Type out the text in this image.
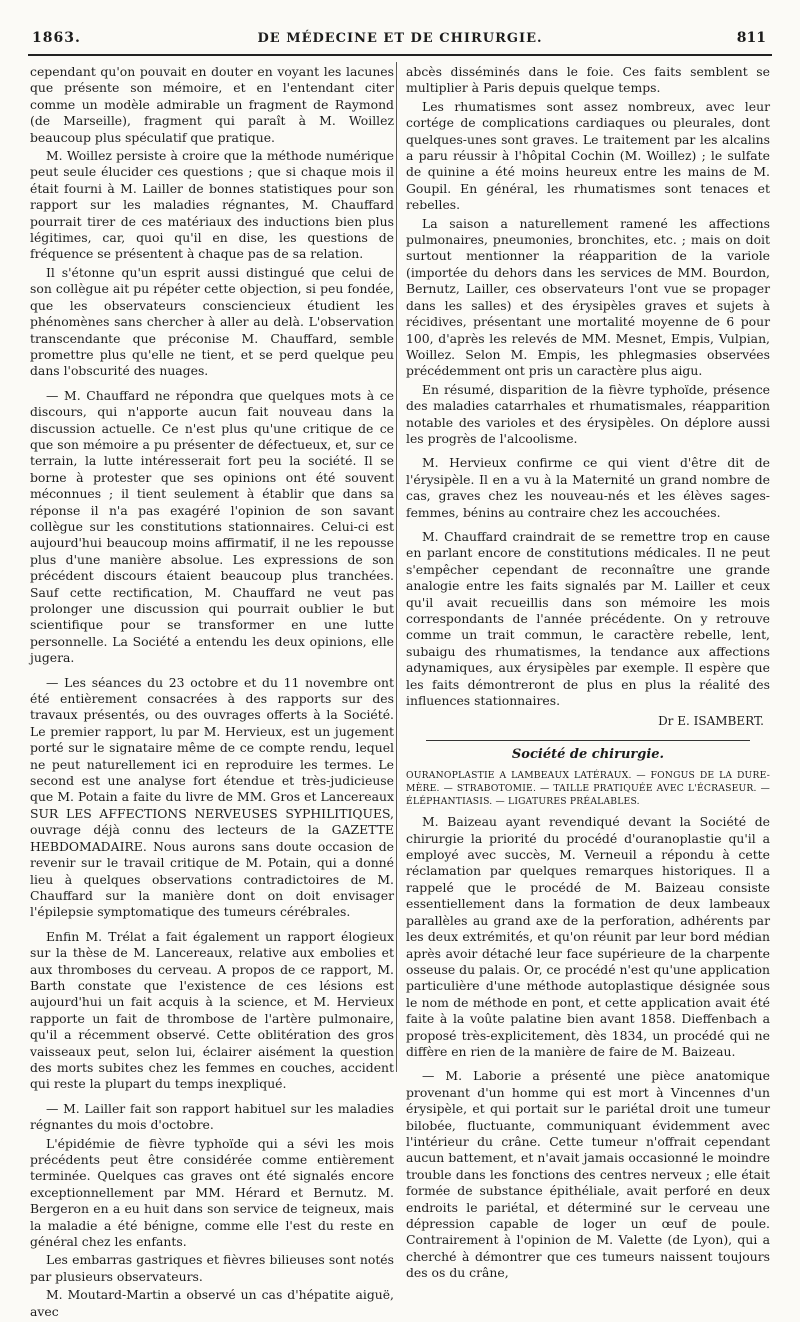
1863.	DE MÉDECINE ET DE CHIRURGIE.	811

cependant qu'on pouvait en douter en voyant les lacunes que présente son mémoire, et en l'entendant citer comme un modèle admirable un fragment de Raymond (de Marseille), fragment qui paraît à M. Woillez beaucoup plus spéculatif que pratique.

M. Woillez persiste à croire que la méthode numérique peut seule élucider ces questions ; que si chaque mois il était fourni à M. Lailler de bonnes statistiques pour son rapport sur les maladies régnantes, M. Chauffard pourrait tirer de ces matériaux des inductions bien plus légitimes, car, quoi qu'il en dise, les questions de fréquence se présentent à chaque pas de sa relation.

Il s'étonne qu'un esprit aussi distingué que celui de son collègue ait pu répéter cette objection, si peu fondée, que les observateurs consciencieux étudient les phénomènes sans chercher à aller au delà. L'observation transcendante que préconise M. Chauffard, semble promettre plus qu'elle ne tient, et se perd quelque peu dans l'obscurité des nuages.

— M. Chauffard ne répondra que quelques mots à ce discours, qui n'apporte aucun fait nouveau dans la discussion actuelle. Ce n'est plus qu'une critique de ce que son mémoire a pu présenter de défectueux, et, sur ce terrain, la lutte intéresserait fort peu la société. Il se borne à protester que ses opinions ont été souvent méconnues ; il tient seulement à établir que dans sa réponse il n'a pas exagéré l'opinion de son savant collègue sur les constitutions stationnaires. Celui-ci est aujourd'hui beaucoup moins affirmatif, il ne les repousse plus d'une manière absolue. Les expressions de son précédent discours étaient beaucoup plus tranchées. Sauf cette rectification, M. Chauffard ne veut pas prolonger une discussion qui pourrait oublier le but scientifique pour se transformer en une lutte personnelle. La Société a entendu les deux opinions, elle jugera.

— Les séances du 23 octobre et du 11 novembre ont été entièrement consacrées à des rapports sur des travaux présentés, ou des ouvrages offerts à la Société. Le premier rapport, lu par M. Hervieux, est un jugement porté sur le signataire même de ce compte rendu, lequel ne peut naturellement ici en reproduire les termes. Le second est une analyse fort étendue et très-judicieuse que M. Potain a faite du livre de MM. Gros et Lancereaux SUR LES AFFECTIONS NERVEUSES SYPHILITIQUES, ouvrage déjà connu des lecteurs de la GAZETTE HEBDOMADAIRE. Nous aurons sans doute occasion de revenir sur le travail critique de M. Potain, qui a donné lieu à quelques observations contradictoires de M. Chauffard sur la manière dont on doit envisager l'épilepsie symptomatique des tumeurs cérébrales.

Enfin M. Trélat a fait également un rapport élogieux sur la thèse de M. Lancereaux, relative aux embolies et aux thromboses du cerveau. A propos de ce rapport, M. Barth constate que l'existence de ces lésions est aujourd'hui un fait acquis à la science, et M. Hervieux rapporte un fait de thrombose de l'artère pulmonaire, qu'il a récemment observé. Cette oblitération des gros vaisseaux peut, selon lui, éclairer aisément la question des morts subites chez les femmes en couches, accident qui reste la plupart du temps inexpliqué.

— M. Lailler fait son rapport habituel sur les maladies régnantes du mois d'octobre.

L'épidémie de fièvre typhoïde qui a sévi les mois précédents peut être considérée comme entièrement terminée. Quelques cas graves ont été signalés encore exceptionnellement par MM. Hérard et Bernutz. M. Bergeron en a eu huit dans son service de teigneux, mais la maladie a été bénigne, comme elle l'est du reste en général chez les enfants.

Les embarras gastriques et fièvres bilieuses sont notés par plusieurs observateurs.

M. Moutard-Martin a observé un cas d'hépatite aiguë, avec

abcès disséminés dans le foie. Ces faits semblent se multiplier à Paris depuis quelque temps.

Les rhumatismes sont assez nombreux, avec leur cortége de complications cardiaques ou pleurales, dont quelques-unes sont graves. Le traitement par les alcalins a paru réussir à l'hôpital Cochin (M. Woillez) ; le sulfate de quinine a été moins heureux entre les mains de M. Goupil. En général, les rhumatismes sont tenaces et rebelles.

La saison a naturellement ramené les affections pulmonaires, pneumonies, bronchites, etc. ; mais on doit surtout mentionner la réapparition de la variole (importée du dehors dans les services de MM. Bourdon, Bernutz, Lailler, ces observateurs l'ont vue se propager dans les salles) et des érysipèles graves et sujets à récidives, présentant une mortalité moyenne de 6 pour 100, d'après les relevés de MM. Mesnet, Empis, Vulpian, Woillez. Selon M. Empis, les phlegmasies observées précédemment ont pris un caractère plus aigu.

En résumé, disparition de la fièvre typhoïde, présence des maladies catarrhales et rhumatismales, réapparition notable des varioles et des érysipèles. On déplore aussi les progrès de l'alcoolisme.

M. Hervieux confirme ce qui vient d'être dit de l'érysipèle. Il en a vu à la Maternité un grand nombre de cas, graves chez les nouveau-nés et les élèves sages-femmes, bénins au contraire chez les accouchées.

M. Chauffard craindrait de se remettre trop en cause en parlant encore de constitutions médicales. Il ne peut s'empêcher cependant de reconnaître une grande analogie entre les faits signalés par M. Lailler et ceux qu'il avait recueillis dans son mémoire les mois correspondants de l'année précédente. On y retrouve comme un trait commun, le caractère rebelle, lent, subaigu des rhumatismes, la tendance aux affections adynamiques, aux érysipèles par exemple. Il espère que les faits démontreront de plus en plus la réalité des influences stationnaires.

Dr E. ISAMBERT.
Société de chirurgie.
OURANOPLASTIE A LAMBEAUX LATÉRAUX. — FONGUS DE LA DURE-MÈRE. — STRABOTOMIE. — TAILLE PRATIQUÉE AVEC L'ÉCRASEUR. — ÉLÉPHANTIASIS. — LIGATURES PRÉALABLES.

M. Baizeau ayant revendiqué devant la Société de chirurgie la priorité du procédé d'ouranoplastie qu'il a employé avec succès, M. Verneuil a répondu à cette réclamation par quelques remarques historiques. Il a rappelé que le procédé de M. Baizeau consiste essentiellement dans la formation de deux lambeaux parallèles au grand axe de la perforation, adhérents par les deux extrémités, et qu'on réunit par leur bord médian après avoir détaché leur face supérieure de la charpente osseuse du palais. Or, ce procédé n'est qu'une application particulière d'une méthode autoplastique désignée sous le nom de méthode en pont, et cette application avait été faite à la voûte palatine bien avant 1858. Dieffenbach a proposé très-explicitement, dès 1834, un procédé qui ne diffère en rien de la manière de faire de M. Baizeau.

— M. Laborie a présenté une pièce anatomique provenant d'un homme qui est mort à Vincennes d'un érysipèle, et qui portait sur le pariétal droit une tumeur bilobée, fluctuante, communiquant évidemment avec l'intérieur du crâne. Cette tumeur n'offrait cependant aucun battement, et n'avait jamais occasionné le moindre trouble dans les fonctions des centres nerveux ; elle était formée de substance épithéliale, avait perforé en deux endroits le pariétal, et déterminé sur le cerveau une dépression capable de loger un œuf de poule. Contrairement à l'opinion de M. Valette (de Lyon), qui a cherché à démontrer que ces tumeurs naissent toujours des os du crâne,
